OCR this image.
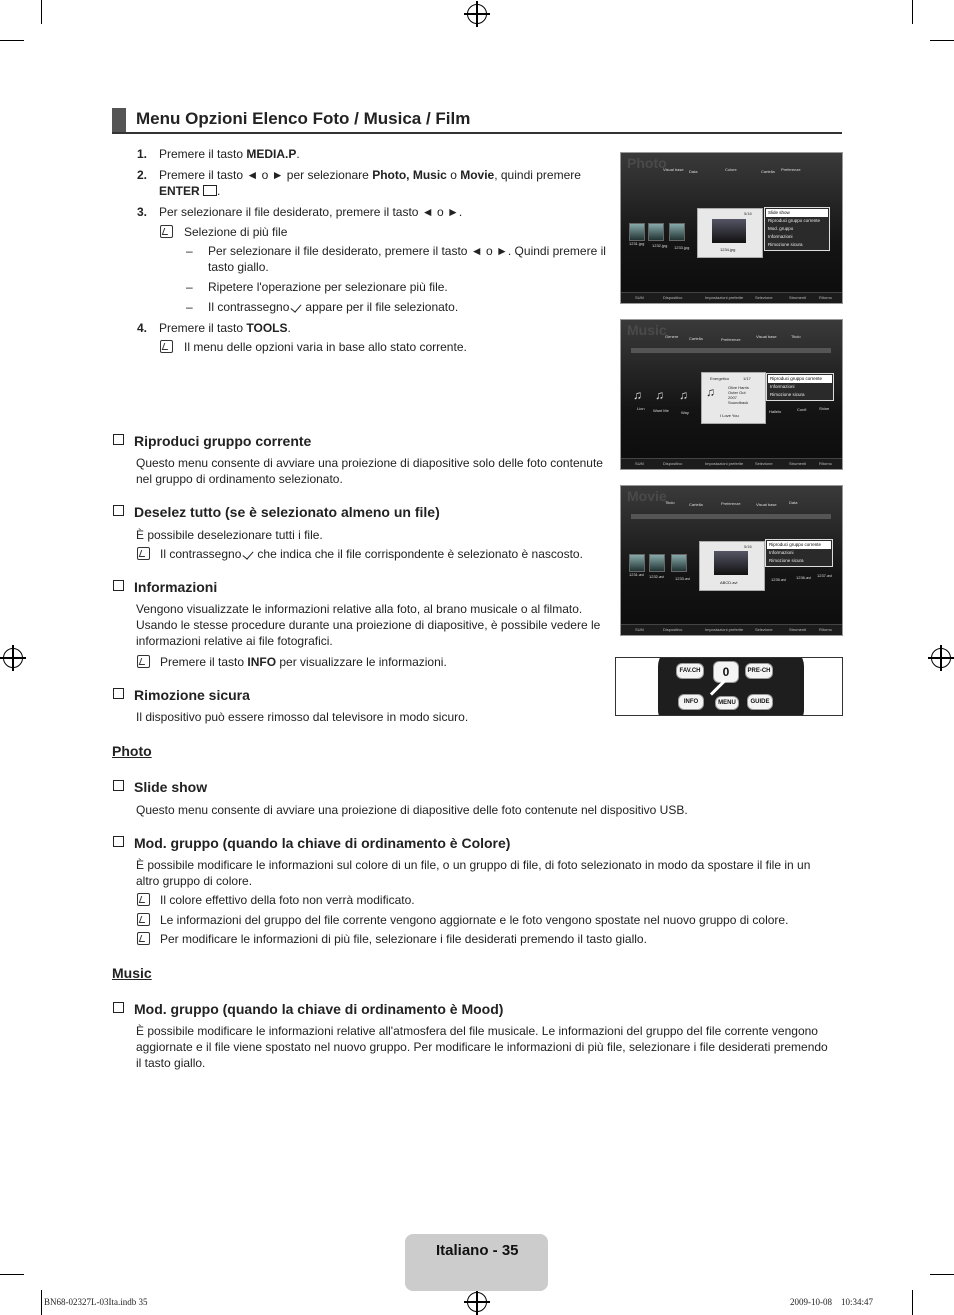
Menu Opzioni Elenco Foto / Musica / Film
1. Premere il tasto MEDIA.P.
2. Premere il tasto ◄ o ► per selezionare Photo, Music o Movie, quindi premere
ENTER .
3. Per selezionare il file desiderato, premere il tasto ◄ o ►.
Selezione di più file
– Per selezionare il file desiderato, premere il tasto ◄ o ►. Quindi premere il
tasto giallo.
– Ripetere l'operazione per selezionare più file.
– Il contrassegno appare per il file selezionato.
4. Premere il tasto TOOLS.
Il menu delle opzioni varia in base allo stato corrente.
Riproduci gruppo corrente
Questo menu consente di avviare una proiezione di diapositive solo delle foto contenute
nel gruppo di ordinamento selezionato.
Deselez tutto (se è selezionato almeno un file)
È possibile deselezionare tutti i file.
Il contrassegno che indica che il file corrispondente è selezionato è nascosto.
Informazioni
Vengono visualizzate le informazioni relative alla foto, al brano musicale o al filmato.
Usando le stesse procedure durante una proiezione di diapositive, è possibile vedere le
informazioni relative ai file fotografici.
Premere il tasto INFO per visualizzare le informazioni.
Rimozione sicura
Il dispositivo può essere rimosso dal televisore in modo sicuro.
Photo
Slide show
Questo menu consente di avviare una proiezione di diapositive delle foto contenute nel dispositivo USB.
Mod. gruppo (quando la chiave di ordinamento è Colore)
È possibile modificare le informazioni sul colore di un file, o un gruppo di file, di foto selezionato in modo da spostare il file in un
altro gruppo di colore.
Il colore effettivo della foto non verrà modificato.
Le informazioni del gruppo del file corrente vengono aggiornate e le foto vengono spostate nel nuovo gruppo di colore.
Per modificare le informazioni di più file, selezionare i file desiderati premendo il tasto giallo.
Music
Mod. gruppo (quando la chiave di ordinamento è Mood)
È possibile modificare le informazioni relative all'atmosfera del file musicale. Le informazioni del gruppo del file corrente vengono
aggiornate e il file viene spostato nel nuovo gruppo. Per modificare le informazioni di più file, selezionare i file desiderati premendo
il tasto giallo.
Photo
Visual base Data	Colore	Cartella Preferenze
1231.jpg 1232.jpg 1233.jpg
5/16
1234.jpg
Slide show
Riproduci gruppo corrente
Mod. gruppo
Informazioni
Rimozione sicura
SUM	Dispositivo	Impostazioni preferite	Selezione	Strumenti	Ritorno
Music
Genere	Cartella	Preferenze
Visual base	Titolo
♫ ♫ ♫
Lion Want Me	Way
Energetico	1/17
♫	Olive Harris
Outer Out
2007
Soundtrack
I Love You
Riproduci gruppo corrente
Informazioni
Rimozione sicura
Hallelo	Confi	Shine
SUM	Dispositivo	Impostazioni preferite	Selezione	Strumenti	Ritorno
Movie
Titolo	Cartella	Preferenze	Visual base	Data
1231.avi 1232.avi	1233.avi
5/16
ABCD.avi
Riproduci gruppo corrente
Informazioni
Rimozione sicura
1235.avi 1236.avi 1237.avi
SUM	Dispositivo	Impostazioni preferite	Selezione	Strumenti	Ritorno
FAV.CH	0	PRE-CH
INFO	MENU	GUIDE
Italiano - 35
BN68-02327L-03Ita.indb 35	2009-10-08    10:34:47
